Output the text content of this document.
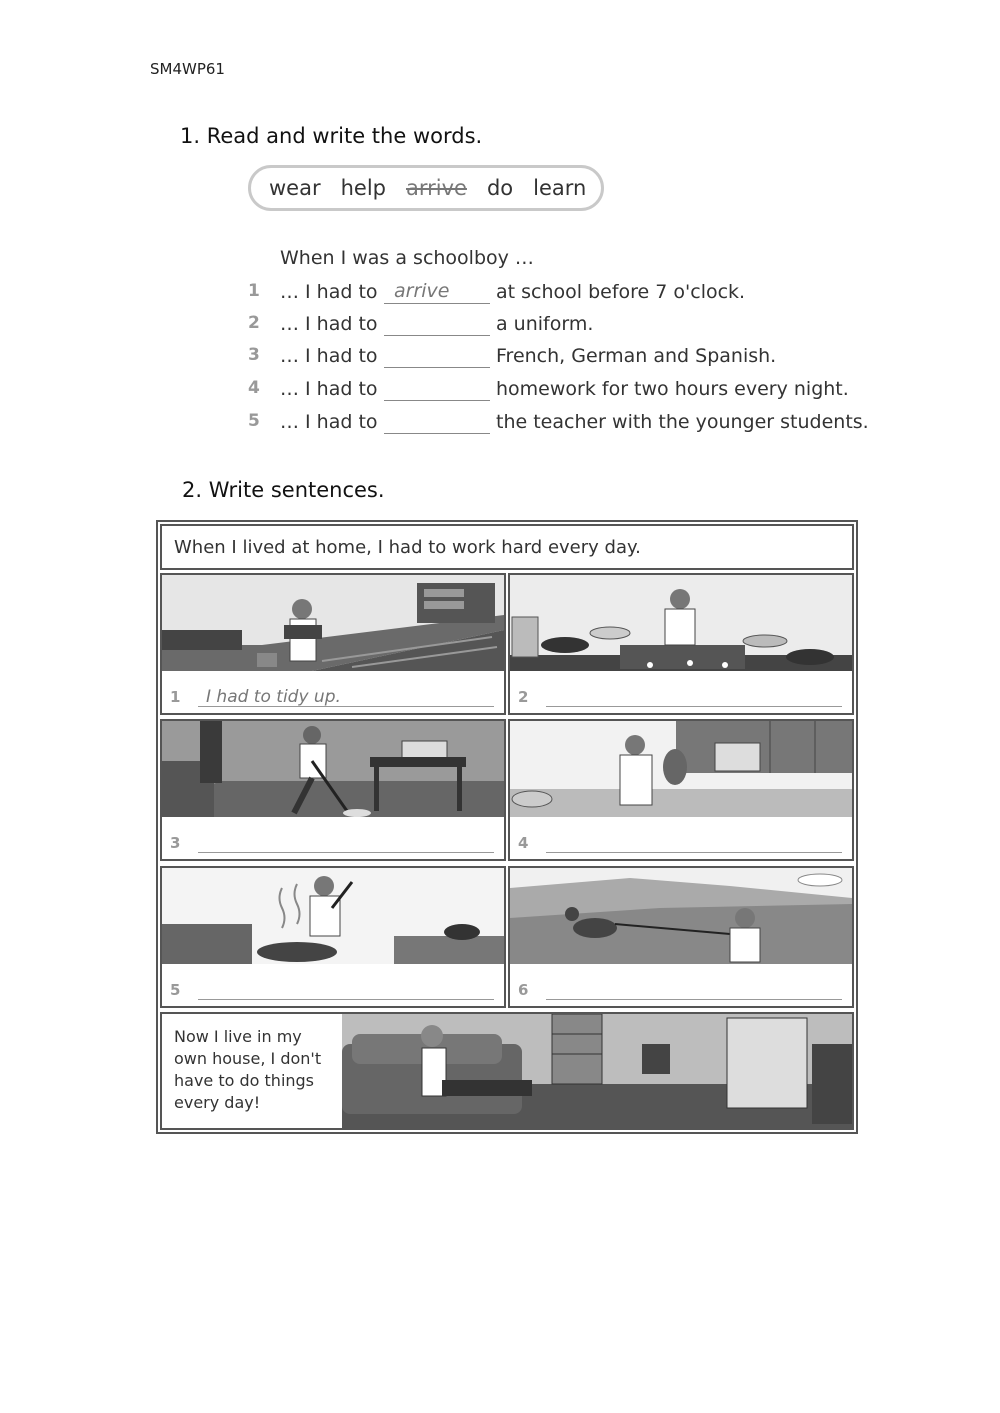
SM4WP61
1. Read and write the words.
wear help arrive do learn
When I was a schoolboy …
1 … I had to arrive at school before 7 o'clock.
2 … I had to	a uniform.
3 … I had to	French, German and Spanish.
4 … I had to	homework for two hours every night.
5 … I had to	the teacher with the younger students.
2. Write sentences.
When I lived at home, I had to work hard every day.
1 I had to tidy up.	2
3	4
5	6
Now I live in my own house, I don't have to do things every day!
